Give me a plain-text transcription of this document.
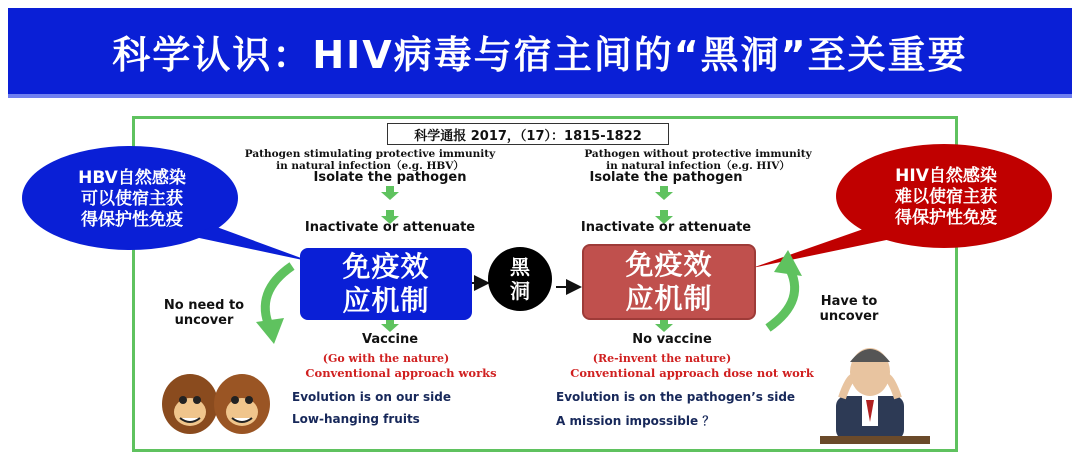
科学认识：HIV病毒与宿主间的“黑洞”至关重要
科学通报 2017，（17）：1815-1822
HBV自然感染
可以使宿主获
得保护性免疫
HIV自然感染
难以使宿主获
得保护性免疫
Pathogen stimulating protective immunity
in natural infection（e.g. HBV）
Isolate the pathogen
Inactivate or attenuate
免疫效
应机制
No need to
uncover
Vaccine
(Go with the nature)
Conventional approach works
Evolution is on our side
Low-hanging fruits
黑
洞
Pathogen without protective immunity
in natural infection（e.g. HIV）
Isolate the pathogen
Inactivate or attenuate
免疫效
应机制	Have to
uncover
No vaccine
(Re-invent the nature)
Conventional approach dose not work
Evolution is on the pathogen’s side
A mission impossible ？
